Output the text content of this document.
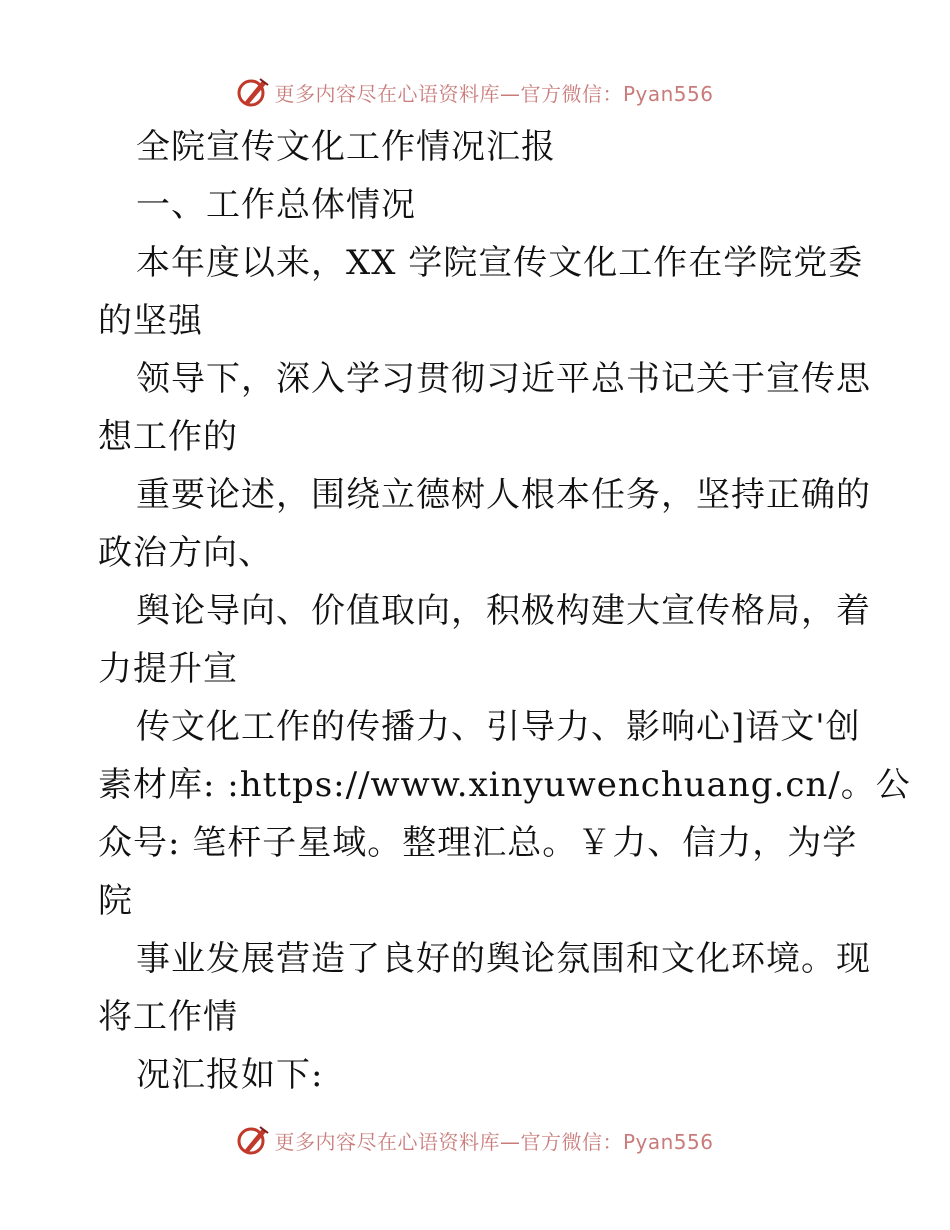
更多内容尽在心语资料库—官方微信：Pyan556
全院宣传文化工作情况汇报
一、工作总体情况
本年度以来，XX 学院宣传文化工作在学院党委
的坚强
领导下，深入学习贯彻习近平总书记关于宣传思
想工作的
重要论述，围绕立德树人根本任务，坚持正确的
政治方向、
舆论导向、价值取向，积极构建大宣传格局，着
力提升宣
传文化工作的传播力、引导力、影响心]语文'创
素材库: :https://www.xinyuwenchuang.cn/。公
众号: 笔杆子星域。整理汇总。￥力、信力，为学
院
事业发展营造了良好的舆论氛围和文化环境。现
将工作情
况汇报如下:
更多内容尽在心语资料库—官方微信：Pyan556
